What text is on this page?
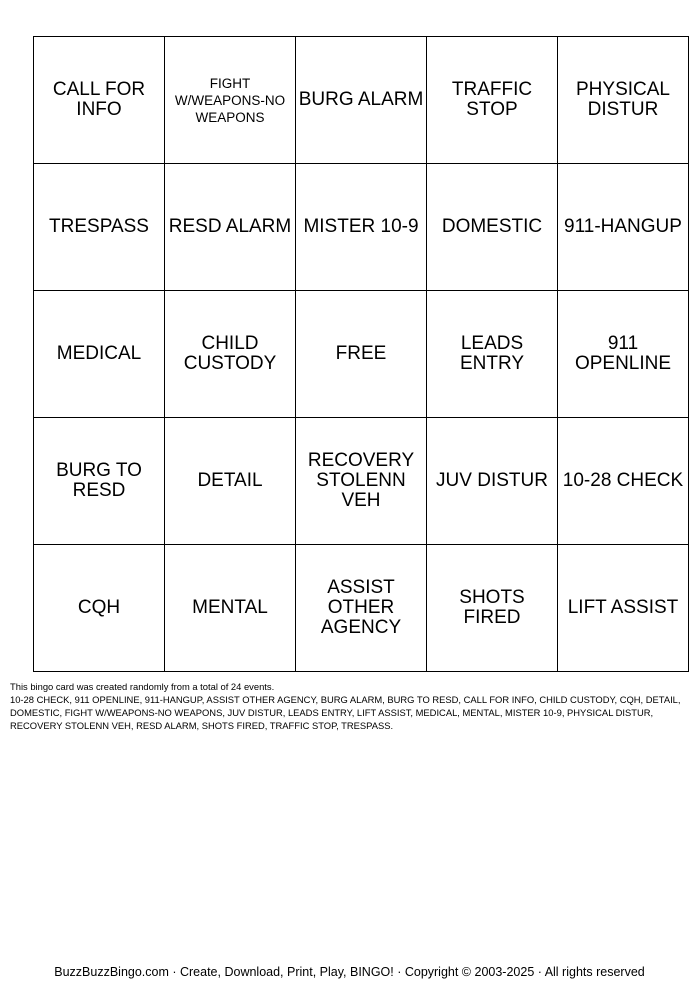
CALL FOR INFO	FIGHT W/WEAPONS-NO WEAPONS	BURG ALARM	TRAFFIC STOP	PHYSICAL DISTUR
TRESPASS	RESD ALARM	MISTER 10-9	DOMESTIC	911-HANGUP
MEDICAL	CHILD CUSTODY	FREE	LEADS ENTRY	911 OPENLINE
BURG TO RESD	DETAIL	RECOVERY STOLENN VEH	JUV DISTUR	10-28 CHECK
CQH	MENTAL	ASSIST OTHER AGENCY	SHOTS FIRED	LIFT ASSIST
This bingo card was created randomly from a total of 24 events.
10-28 CHECK, 911 OPENLINE, 911-HANGUP, ASSIST OTHER AGENCY, BURG ALARM, BURG TO RESD, CALL FOR INFO, CHILD CUSTODY, CQH, DETAIL, DOMESTIC, FIGHT W/WEAPONS-NO WEAPONS, JUV DISTUR, LEADS ENTRY, LIFT ASSIST, MEDICAL, MENTAL, MISTER 10-9, PHYSICAL DISTUR, RECOVERY STOLENN VEH, RESD ALARM, SHOTS FIRED, TRAFFIC STOP, TRESPASS.
BuzzBuzzBingo.com · Create, Download, Print, Play, BINGO! · Copyright © 2003-2025 · All rights reserved
